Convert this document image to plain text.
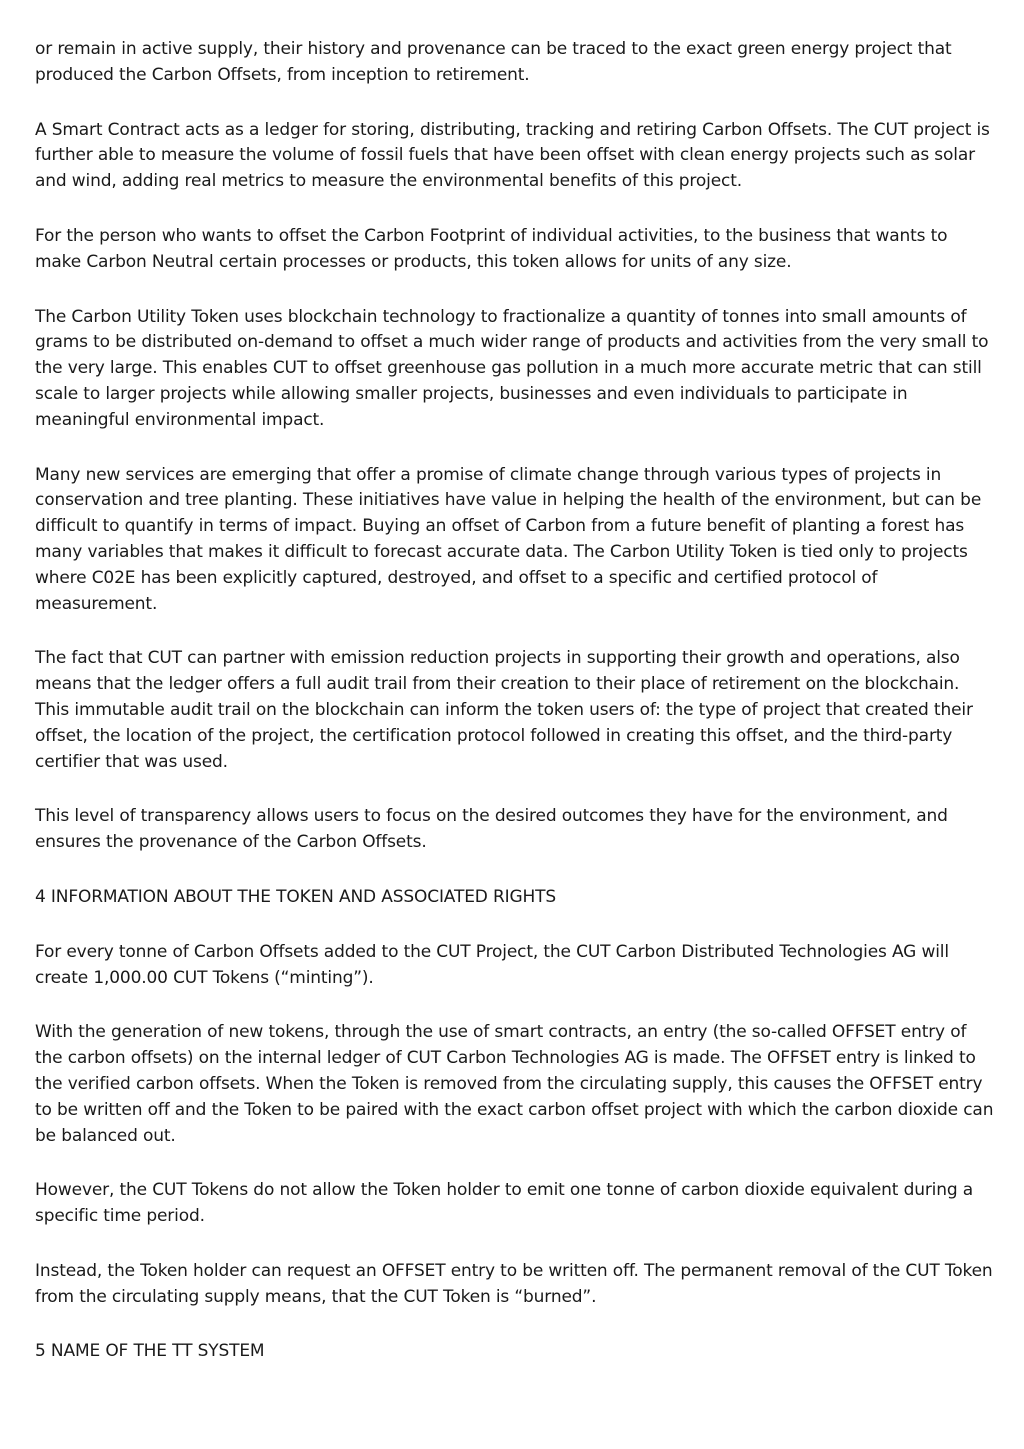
or remain in active supply, their history and provenance can be traced to the exact green energy project that produced the Carbon Offsets, from inception to retirement.

A Smart Contract acts as a ledger for storing, distributing, tracking and retiring Carbon Offsets. The CUT project is further able to measure the volume of fossil fuels that have been offset with clean energy projects such as solar and wind, adding real metrics to measure the environmental benefits of this project.

For the person who wants to offset the Carbon Footprint of individual activities, to the business that wants to make Carbon Neutral certain processes or products, this token allows for units of any size.

The Carbon Utility Token uses blockchain technology to fractionalize a quantity of tonnes into small amounts of grams to be distributed on-demand to offset a much wider range of products and activities from the very small to the very large. This enables CUT to offset greenhouse gas pollution in a much more accurate metric that can still scale to larger projects while allowing smaller projects, businesses and even individuals to participate in meaningful environmental impact.

Many new services are emerging that offer a promise of climate change through various types of projects in conservation and tree planting. These initiatives have value in helping the health of the environment, but can be difficult to quantify in terms of impact. Buying an offset of Carbon from a future benefit of planting a forest has many variables that makes it difficult to forecast accurate data. The Carbon Utility Token is tied only to projects where C02E has been explicitly captured, destroyed, and offset to a specific and certified protocol of measurement.

The fact that CUT can partner with emission reduction projects in supporting their growth and operations, also means that the ledger offers a full audit trail from their creation to their place of retirement on the blockchain. This immutable audit trail on the blockchain can inform the token users of: the type of project that created their offset, the location of the project, the certification protocol followed in creating this offset, and the third-party certifier that was used.

This level of transparency allows users to focus on the desired outcomes they have for the environment, and ensures the provenance of the Carbon Offsets.

4 INFORMATION ABOUT THE TOKEN AND ASSOCIATED RIGHTS

For every tonne of Carbon Offsets added to the CUT Project, the CUT Carbon Distributed Technologies AG will create 1,000.00 CUT Tokens (“minting”).

With the generation of new tokens, through the use of smart contracts, an entry (the so-called OFFSET entry of the carbon offsets) on the internal ledger of CUT Carbon Technologies AG is made. The OFFSET entry is linked to the verified carbon offsets. When the Token is removed from the circulating supply, this causes the OFFSET entry to be written off and the Token to be paired with the exact carbon offset project with which the carbon dioxide can be balanced out.

However, the CUT Tokens do not allow the Token holder to emit one tonne of carbon dioxide equivalent during a specific time period.

Instead, the Token holder can request an OFFSET entry to be written off. The permanent removal of the CUT Token from the circulating supply means, that the CUT Token is “burned”.

5 NAME OF THE TT SYSTEM
